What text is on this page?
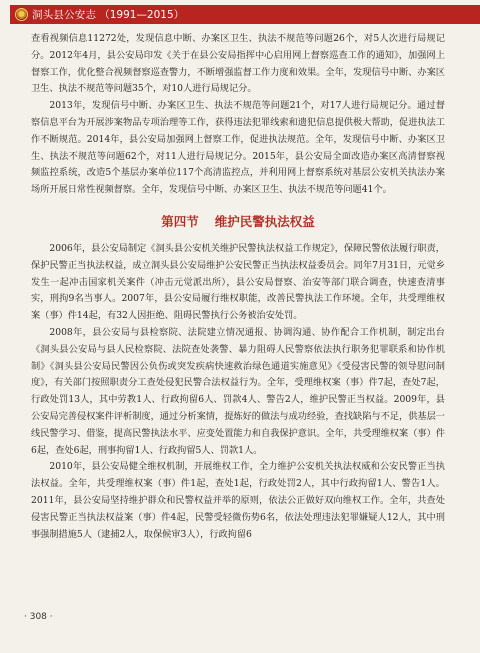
洞头县公安志 （1991—2015）

查看视频信息11272处，发现信息中断、办案区卫生、执法不规范等问题26个，对5人次进行局规记分。2012年4月，县公安局印发《关于在县公安局指挥中心启用网上督察巡查工作的通知》，加强网上督察工作，优化整合视频督察巡查警力，不断增强监督工作力度和效果。全年，发现信号中断、办案区卫生、执法不规范等问题35个，对10人进行局规记分。

2013年，发现信号中断、办案区卫生、执法不规范等问题21个，对17人进行局规记分。通过督察信息平台为开展涉案物品专项治理等工作，获得违法犯罪线索和遗犯信息提供极大帮助，促进执法工作不断规范。2014年，县公安局加强网上督察工作，促进执法规范。全年，发现信号中断、办案区卫生、执法不规范等问题62个，对11人进行局规记分。2015年，县公安局全面改造办案区高清督察视频监控系统，改造5个基层办案单位117个高清监控点，并利用网上督察系统对基层公安机关执法办案场所开展日常性视频督察。全年，发现信号中断、办案区卫生、执法不规范等问题41个。

第四节 维护民警执法权益

2006年，县公安局制定《洞头县公安机关维护民警执法权益工作规定》，保障民警依法履行职责，保护民警正当执法权益，成立洞头县公安局维护公安民警正当执法权益委员会。同年7月31日，元觉乡发生一起冲击国家机关案件（冲击元觉派出所），县公安局督察、治安等部门联合调查，快速查清事实，刑拘9名当事人。2007年，县公安局履行维权职能，改善民警执法工作环境。全年，共受理维权案（事）件14起，有32人因拒绝、阻碍民警执行公务被治安处罚。

2008年，县公安局与县检察院、法院建立情况通报、协调沟通、协作配合工作机制，制定出台《洞头县公安局与县人民检察院、法院查处袭警、暴力阻碍人民警察依法执行职务犯罪联系和协作机制》《洞头县公安局民警因公负伤或突发疾病快速救治绿色通道实施意见》《受侵害民警的领导慰问制度》，有关部门按照职责分工查处侵犯民警合法权益行为。全年，受理维权案（事）件7起，查处7起，行政处罚13人，其中劳教1人、行政拘留6人、罚款4人、警告2人，维护民警正当权益。2009年，县公安局完善侵权案件评析制度，通过分析案情，提炼好的做法与成功经验，查找缺陷与不足，供基层一线民警学习、借鉴，提高民警执法水平、应变处置能力和自我保护意识。全年，共受理维权案（事）件6起，查处6起，刑事拘留1人、行政拘留5人、罚款1人。

2010年，县公安局健全维权机制，开展维权工作，全力维护公安机关执法权威和公安民警正当执法权益。全年，共受理维权案（事）件1起，查处1起，行政处罚2人，其中行政拘留1人、警告1人。2011年，县公安局坚持维护群众和民警权益并举的原则，依法公正做好双向维权工作。全年，共查处侵害民警正当执法权益案（事）件4起，民警受轻微伤势6名，依法处理违法犯罪嫌疑人12人，其中刑事强制措施5人（逮捕2人，取保候审3人），行政拘留6

◦
· 308 ·
